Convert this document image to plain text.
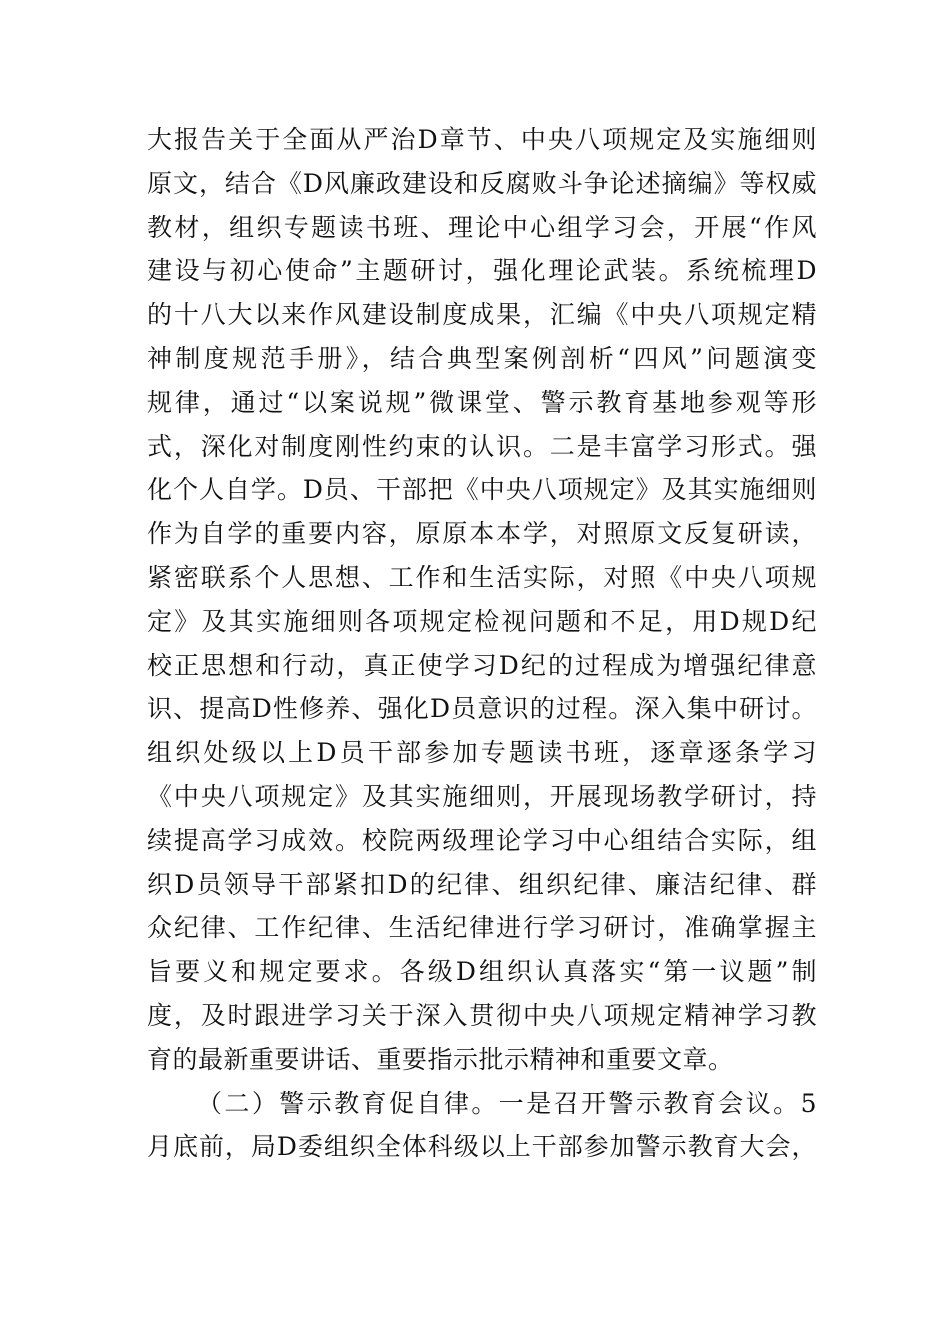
大报告关于全面从严治D章节、中央八项规定及实施细则
原文，结合《D风廉政建设和反腐败斗争论述摘编》等权威
教材，组织专题读书班、理论中心组学习会，开展“作风
建设与初心使命”主题研讨，强化理论武装。系统梳理D
的十八大以来作风建设制度成果，汇编《中央八项规定精
神制度规范手册》，结合典型案例剖析“四风”问题演变
规律，通过“以案说规”微课堂、警示教育基地参观等形
式，深化对制度刚性约束的认识。二是丰富学习形式。强
化个人自学。D员、干部把《中央八项规定》及其实施细则
作为自学的重要内容，原原本本学，对照原文反复研读，
紧密联系个人思想、工作和生活实际，对照《中央八项规
定》及其实施细则各项规定检视问题和不足，用D规D纪
校正思想和行动，真正使学习D纪的过程成为增强纪律意
识、提高D性修养、强化D员意识的过程。深入集中研讨。
组织处级以上D员干部参加专题读书班，逐章逐条学习
《中央八项规定》及其实施细则，开展现场教学研讨，持
续提高学习成效。校院两级理论学习中心组结合实际，组
织D员领导干部紧扣D的纪律、组织纪律、廉洁纪律、群
众纪律、工作纪律、生活纪律进行学习研讨，准确掌握主
旨要义和规定要求。各级D组织认真落实“第一议题”制
度，及时跟进学习关于深入贯彻中央八项规定精神学习教
育的最新重要讲话、重要指示批示精神和重要文章。
（二）警示教育促自律。一是召开警示教育会议。5
月底前，局D委组织全体科级以上干部参加警示教育大会，
